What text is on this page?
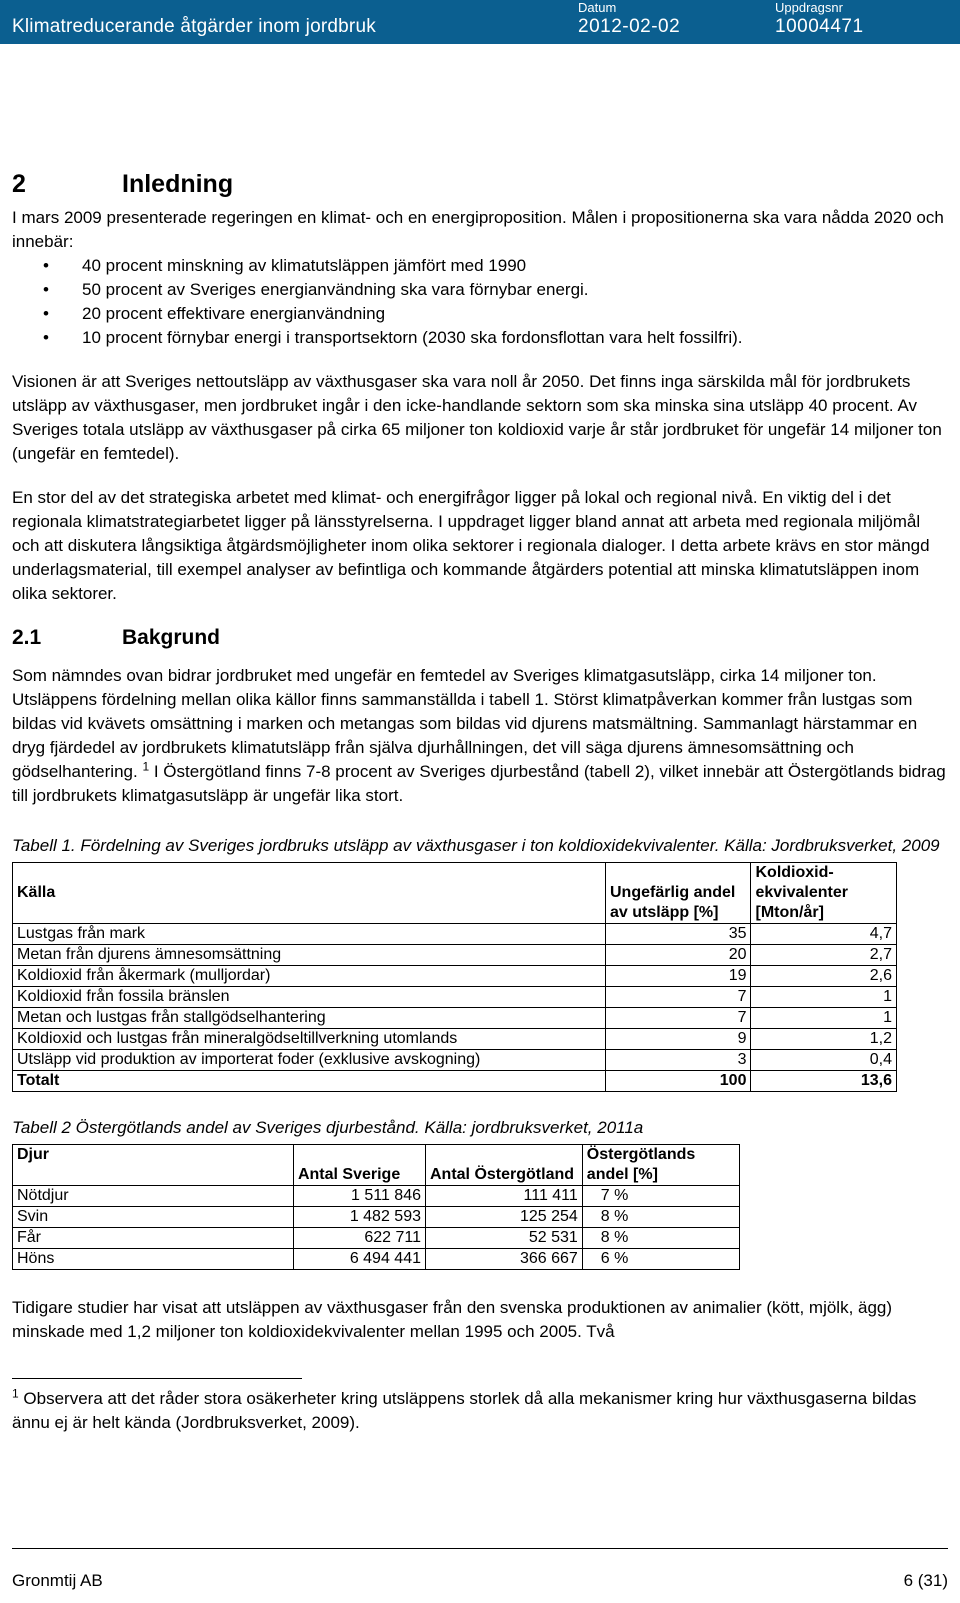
Klimatreducerande åtgärder inom jordbruk
Datum
2012-02-02
Uppdragsnr
10004471
2	Inledning

I mars 2009 presenterade regeringen en klimat- och en energiproposition. Målen i propositionerna ska vara nådda 2020 och innebär:

• 40 procent minskning av klimatutsläppen jämfört med 1990
• 50 procent av Sveriges energianvändning ska vara förnybar energi.
• 20 procent effektivare energianvändning
• 10 procent förnybar energi i transportsektorn (2030 ska fordonsflottan vara helt fossilfri).

Visionen är att Sveriges nettoutsläpp av växthusgaser ska vara noll år 2050. Det finns inga särskilda mål för jordbrukets utsläpp av växthusgaser, men jordbruket ingår i den icke-handlande sektorn som ska minska sina utsläpp 40 procent. Av Sveriges totala utsläpp av växthusgaser på cirka 65 miljoner ton koldioxid varje år står jordbruket för ungefär 14 miljoner ton (ungefär en femtedel).

En stor del av det strategiska arbetet med klimat- och energifrågor ligger på lokal och regional nivå. En viktig del i det regionala klimatstrategiarbetet ligger på länsstyrelserna. I uppdraget ligger bland annat att arbeta med regionala miljömål och att diskutera långsiktiga åtgärdsmöjligheter inom olika sektorer i regionala dialoger. I detta arbete krävs en stor mängd underlagsmaterial, till exempel analyser av befintliga och kommande åtgärders potential att minska klimatutsläppen inom olika sektorer.

2.1	Bakgrund

Som nämndes ovan bidrar jordbruket med ungefär en femtedel av Sveriges klimatgasutsläpp, cirka 14 miljoner ton. Utsläppens fördelning mellan olika källor finns sammanställda i tabell 1. Störst klimatpåverkan kommer från lustgas som bildas vid kvävets omsättning i marken och metangas som bildas vid djurens matsmältning. Sammanlagt härstammar en dryg fjärdedel av jordbrukets klimatutsläpp från själva djurhållningen, det vill säga djurens ämnesomsättning och gödselhantering. $^1$ I Östergötland finns 7-8 procent av Sveriges djurbestånd (tabell 2), vilket innebär att Östergötlands bidrag till jordbrukets klimatgasutsläpp är ungefär lika stort.

Tabell 1. Fördelning av Sveriges jordbruks utsläpp av växthusgaser i ton koldioxidekvivalenter. Källa: Jordbruksverket, 2009
Källa	Ungefärlig andel av utsläpp [%]	Koldioxid-ekvivalenter [Mton/år]
Lustgas från mark	35	4,7
Metan från djurens ämnesomsättning	20	2,7
Koldioxid från åkermark (mulljordar)	19	2,6
Koldioxid från fossila bränslen	7	1
Metan och lustgas från stallgödselhantering	7	1
Koldioxid och lustgas från mineralgödseltillverkning utomlands	9	1,2
Utsläpp vid produktion av importerat foder (exklusive avskogning)	3	0,4
Totalt	100	13,6
Tabell 2 Östergötlands andel av Sveriges djurbestånd. Källa: jordbruksverket, 2011a
Djur	Antal Sverige	Antal Östergötland	Östergötlands andel [%]
Nötdjur	1 511 846	111 411	7 %
Svin	1 482 593	125 254	8 %
Får	622 711	52 531	8 %
Höns	6 494 441	366 667	6 %

Tidigare studier har visat att utsläppen av växthusgaser från den svenska produktionen av animalier (kött, mjölk, ägg) minskade med 1,2 miljoner ton koldioxidekvivalenter mellan 1995 och 2005. Två

$^1$ Observera att det råder stora osäkerheter kring utsläppens storlek då alla mekanismer kring hur växthusgaserna bildas ännu ej är helt kända (Jordbruksverket, 2009).
Gronmtij AB	6 (31)
